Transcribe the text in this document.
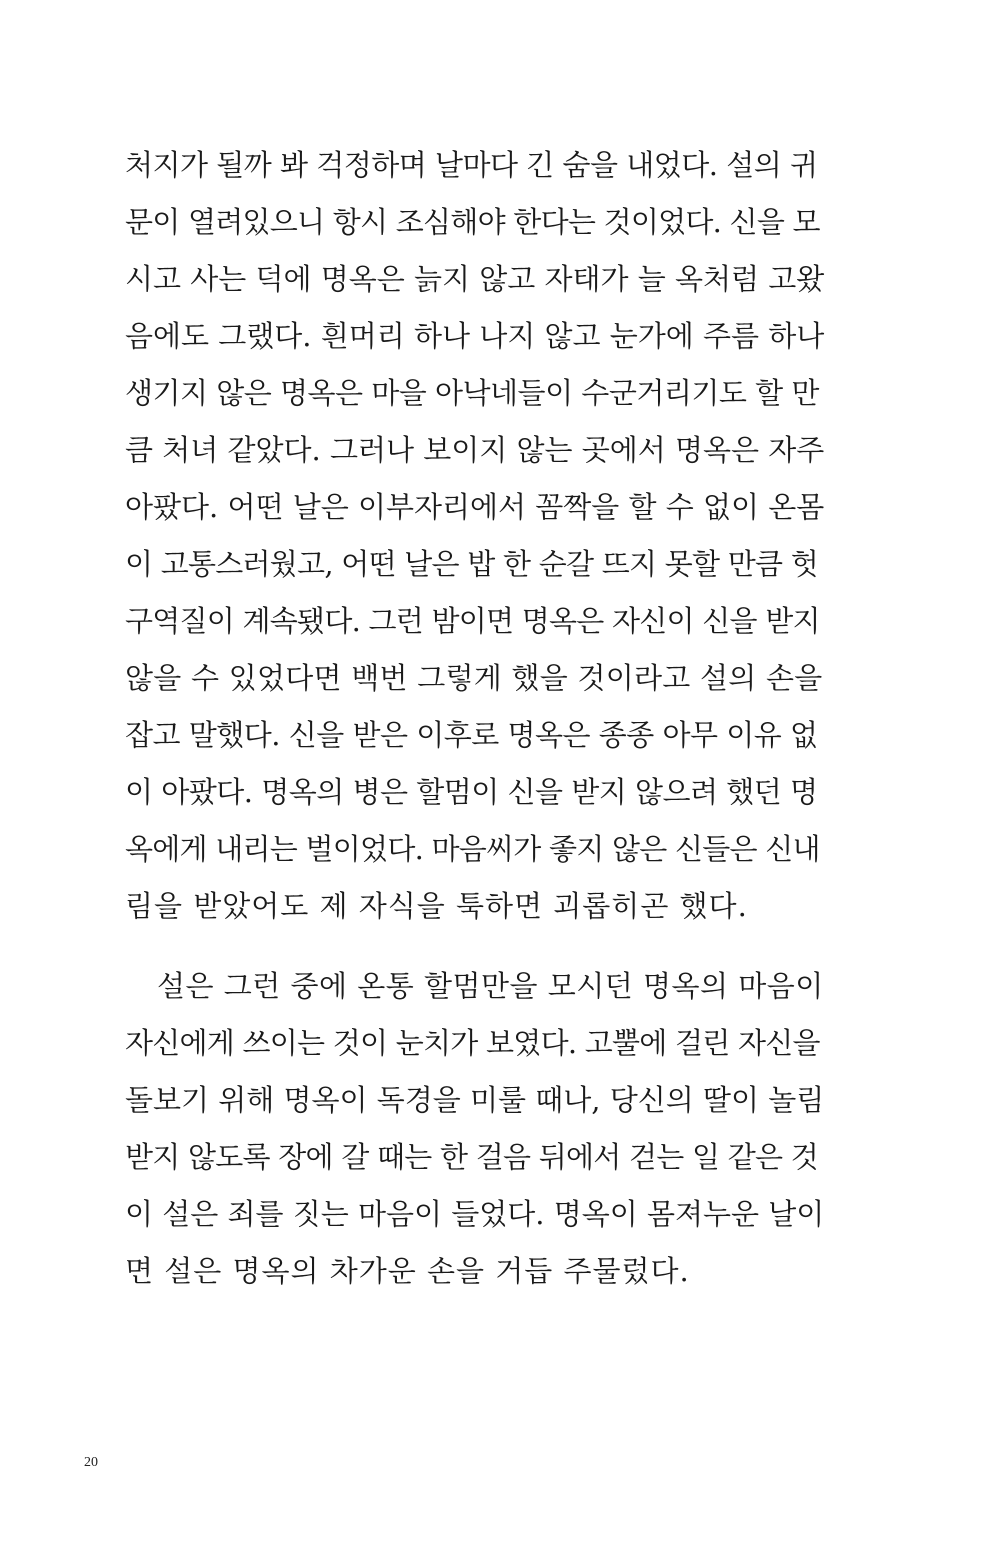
처지가 될까 봐 걱정하며 날마다 긴 숨을 내었다. 설의 귀
문이 열려있으니 항시 조심해야 한다는 것이었다. 신을 모
시고 사는 덕에 명옥은 늙지 않고 자태가 늘 옥처럼 고왔
음에도 그랬다. 흰머리 하나 나지 않고 눈가에 주름 하나
생기지 않은 명옥은 마을 아낙네들이 수군거리기도 할 만
큼 처녀 같았다. 그러나 보이지 않는 곳에서 명옥은 자주
아팠다. 어떤 날은 이부자리에서 꼼짝을 할 수 없이 온몸
이 고통스러웠고, 어떤 날은 밥 한 순갈 뜨지 못할 만큼 헛
구역질이 계속됐다. 그런 밤이면 명옥은 자신이 신을 받지
않을 수 있었다면 백번 그렇게 했을 것이라고 설의 손을
잡고 말했다. 신을 받은 이후로 명옥은 종종 아무 이유 없
이 아팠다. 명옥의 병은 할멈이 신을 받지 않으려 했던 명
옥에게 내리는 벌이었다. 마음씨가 좋지 않은 신들은 신내
림을 받았어도 제 자식을 툭하면 괴롭히곤 했다.
설은 그런 중에 온통 할멈만을 모시던 명옥의 마음이
자신에게 쓰이는 것이 눈치가 보였다. 고뿔에 걸린 자신을
돌보기 위해 명옥이 독경을 미룰 때나, 당신의 딸이 놀림
받지 않도록 장에 갈 때는 한 걸음 뒤에서 걷는 일 같은 것
이 설은 죄를 짓는 마음이 들었다. 명옥이 몸져누운 날이
면 설은 명옥의 차가운 손을 거듭 주물렀다.
20
